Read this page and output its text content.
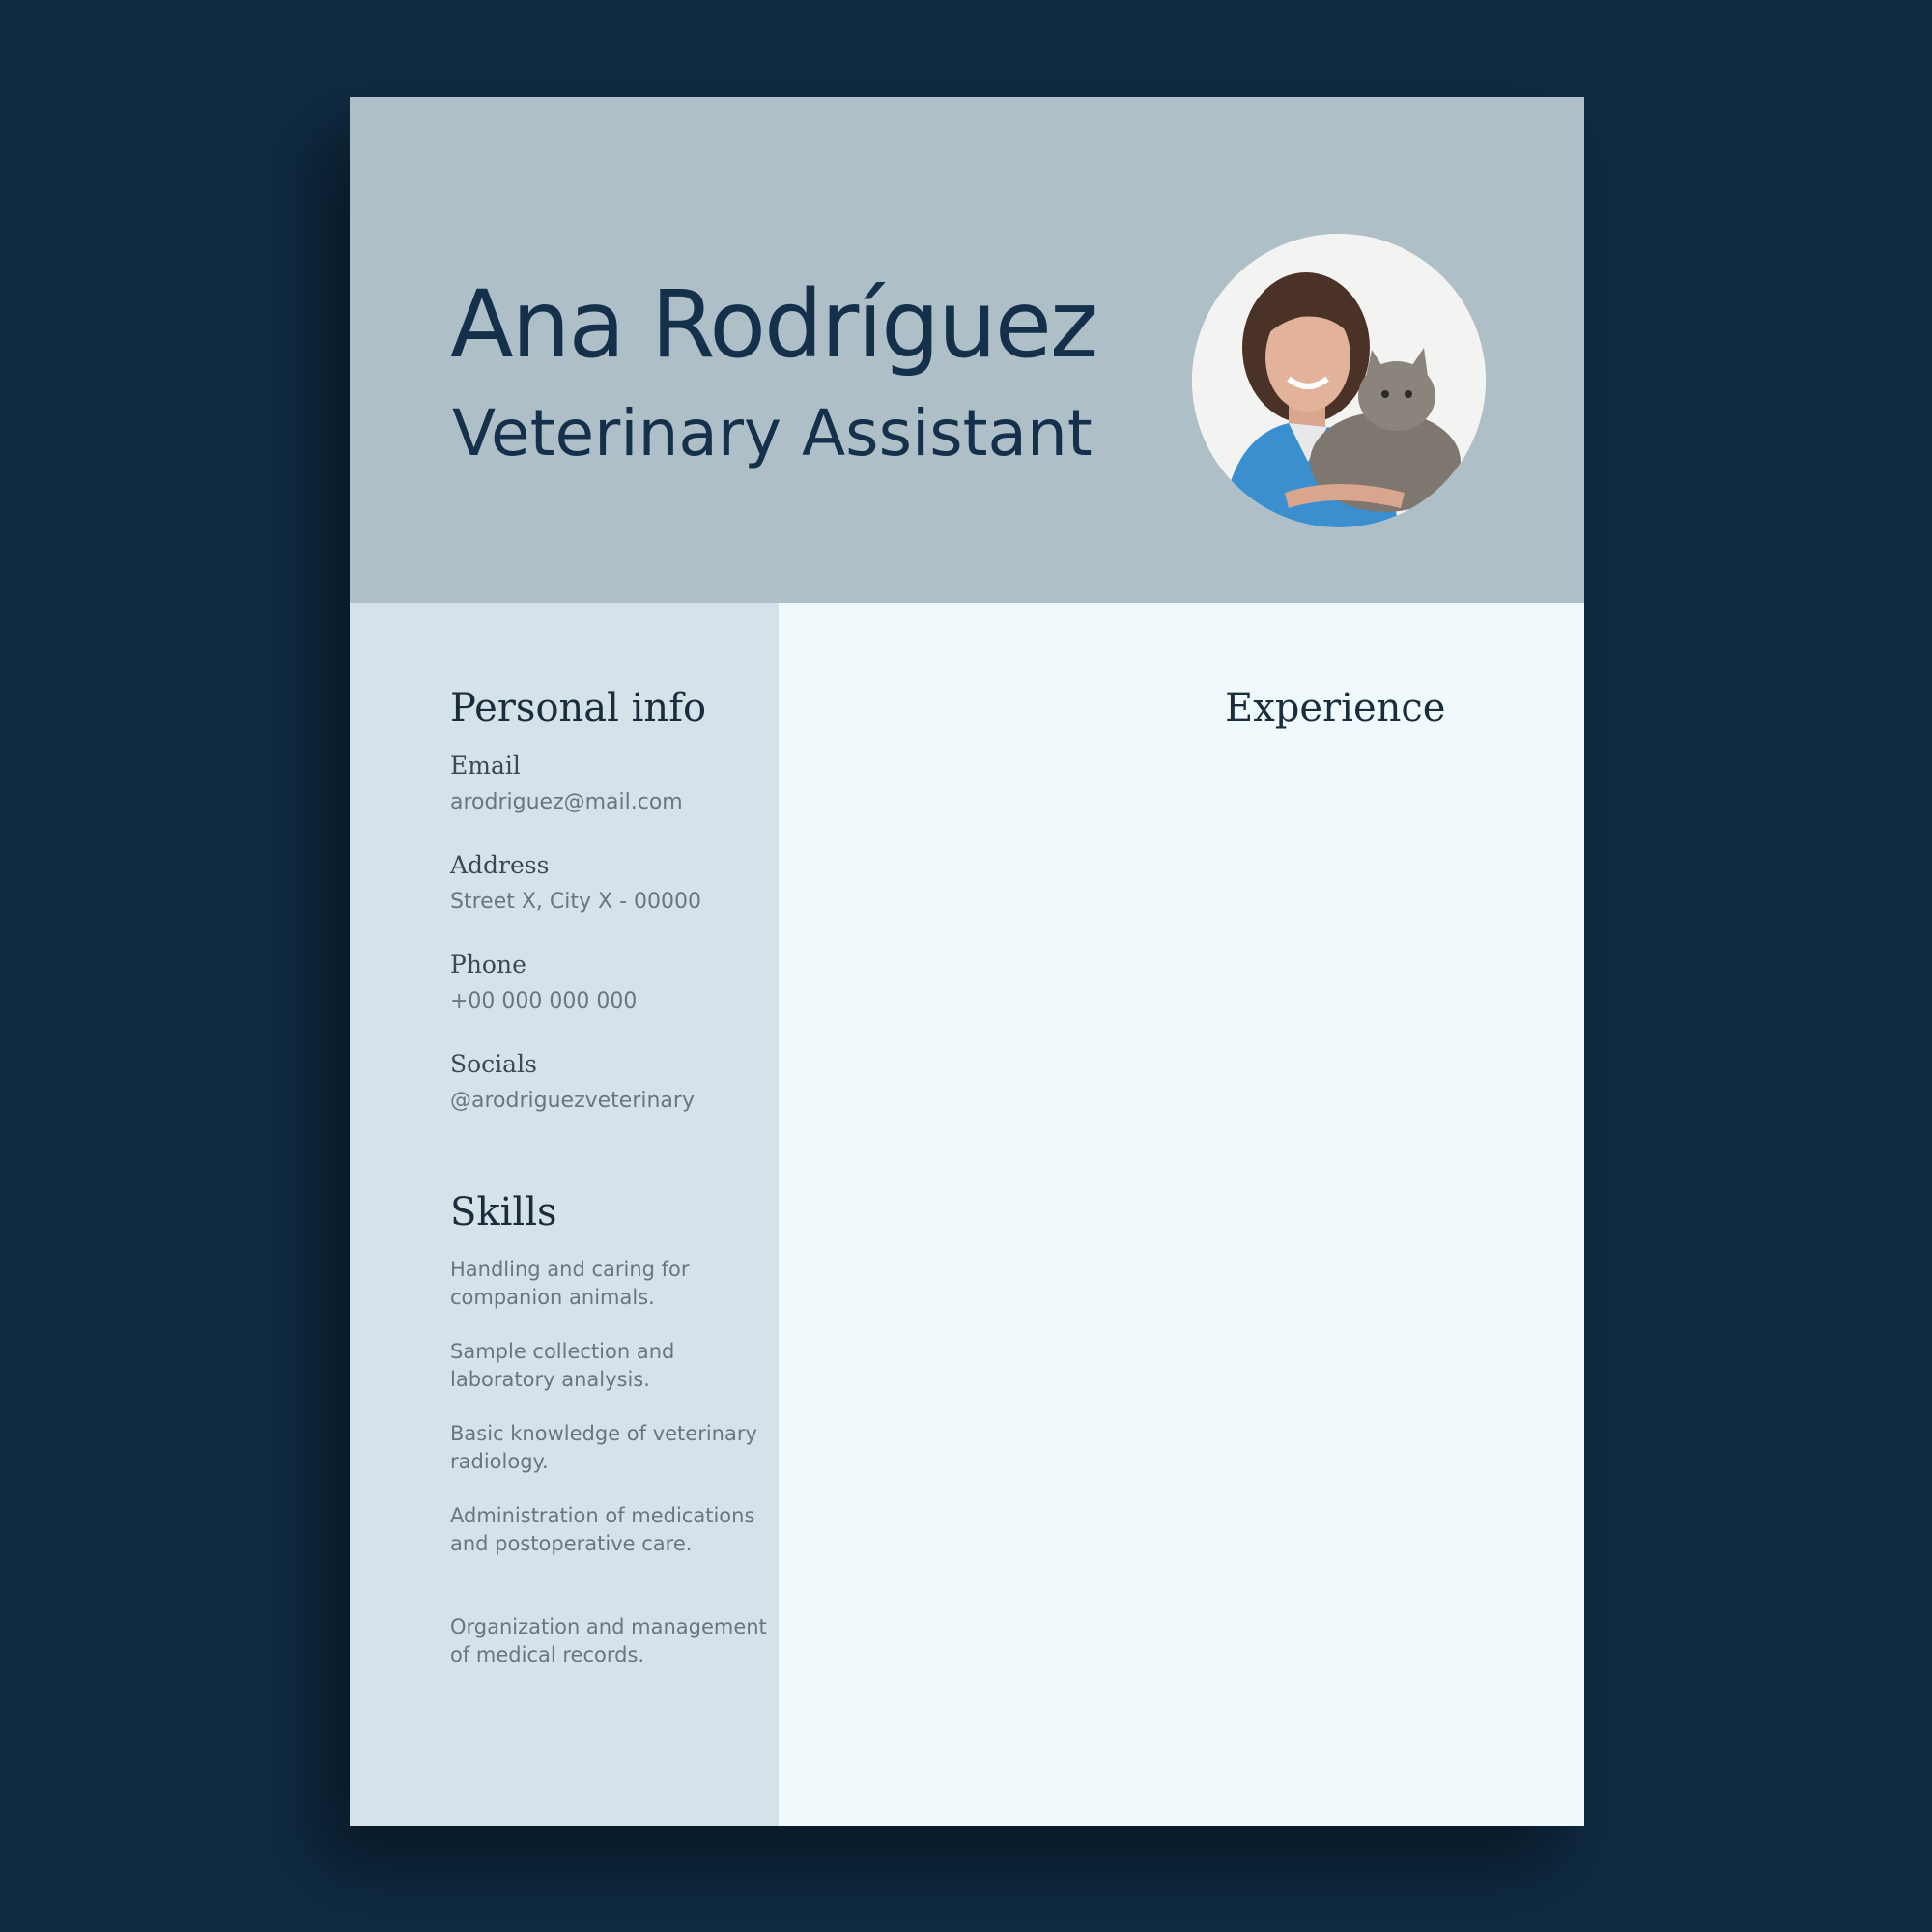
Ana Rodríguez
Veterinary Assistant
Personal info
Email
arodriguez@mail.com
Address
Street X, City X - 00000
Phone
+00 000 000 000
Socials
@arodriguezveterinary
Skills
Handling and caring for companion animals.
Sample collection and laboratory analysis.
Basic knowledge of veterinary radiology.
Administration of medications and postoperative care.
Organization and management of medical records.
Experience
